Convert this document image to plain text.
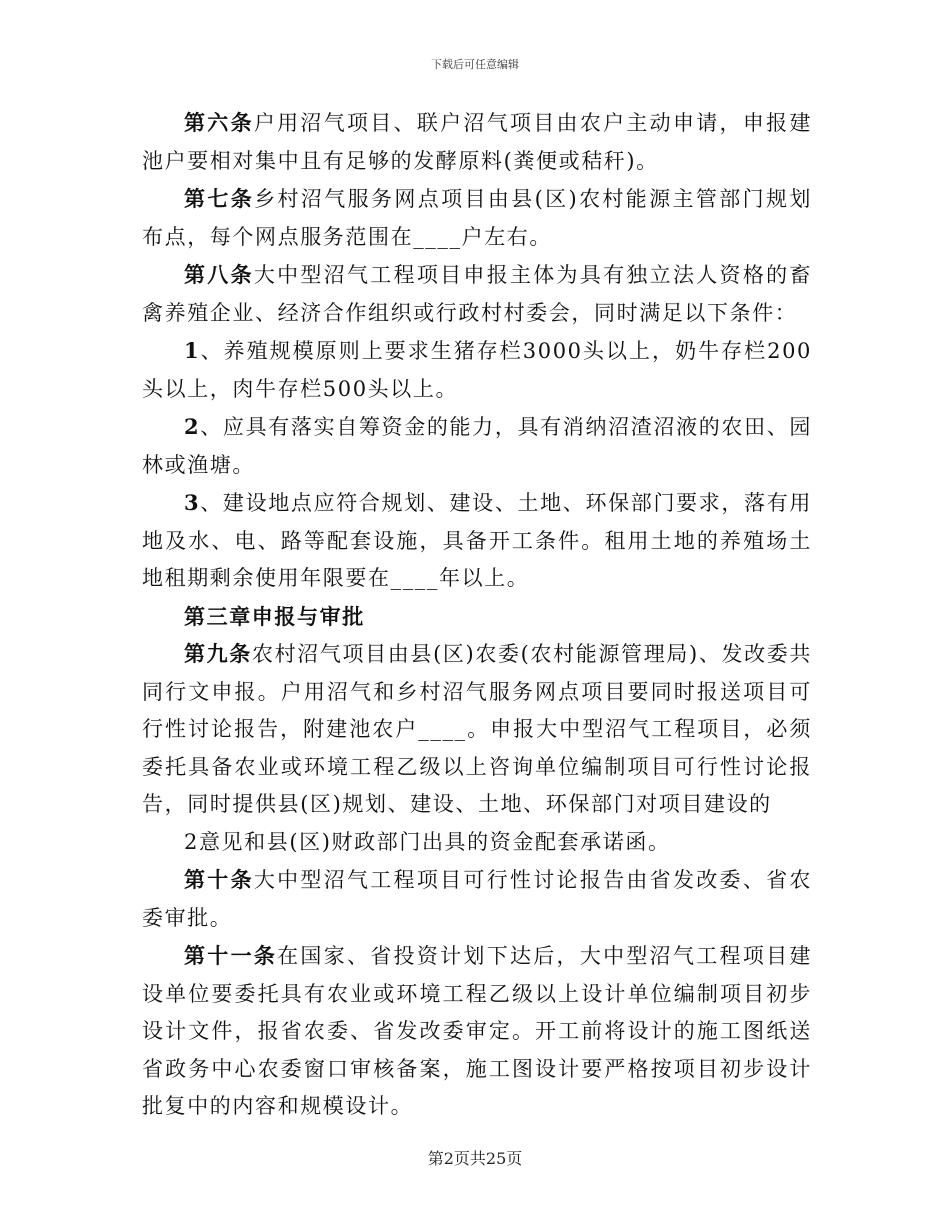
下载后可任意编辑

第六条户用沼气项目、联户沼气项目由农户主动申请，申报建池户要相对集中且有足够的发酵原料(粪便或秸秆)。

第七条乡村沼气服务网点项目由县(区)农村能源主管部门规划布点，每个网点服务范围在____户左右。

第八条大中型沼气工程项目申报主体为具有独立法人资格的畜禽养殖企业、经济合作组织或行政村村委会，同时满足以下条件：

1、养殖规模原则上要求生猪存栏3000头以上，奶牛存栏200头以上，肉牛存栏500头以上。

2、应具有落实自筹资金的能力，具有消纳沼渣沼液的农田、园林或渔塘。

3、建设地点应符合规划、建设、土地、环保部门要求，落有用地及水、电、路等配套设施，具备开工条件。租用土地的养殖场土地租期剩余使用年限要在____年以上。

第三章申报与审批

第九条农村沼气项目由县(区)农委(农村能源管理局)、发改委共同行文申报。户用沼气和乡村沼气服务网点项目要同时报送项目可行性讨论报告，附建池农户____。申报大中型沼气工程项目，必须委托具备农业或环境工程乙级以上咨询单位编制项目可行性讨论报告，同时提供县(区)规划、建设、土地、环保部门对项目建设的

2意见和县(区)财政部门出具的资金配套承诺函。

第十条大中型沼气工程项目可行性讨论报告由省发改委、省农委审批。

第十一条在国家、省投资计划下达后，大中型沼气工程项目建设单位要委托具有农业或环境工程乙级以上设计单位编制项目初步设计文件，报省农委、省发改委审定。开工前将设计的施工图纸送省政务中心农委窗口审核备案，施工图设计要严格按项目初步设计批复中的内容和规模设计。

第2页共25页
